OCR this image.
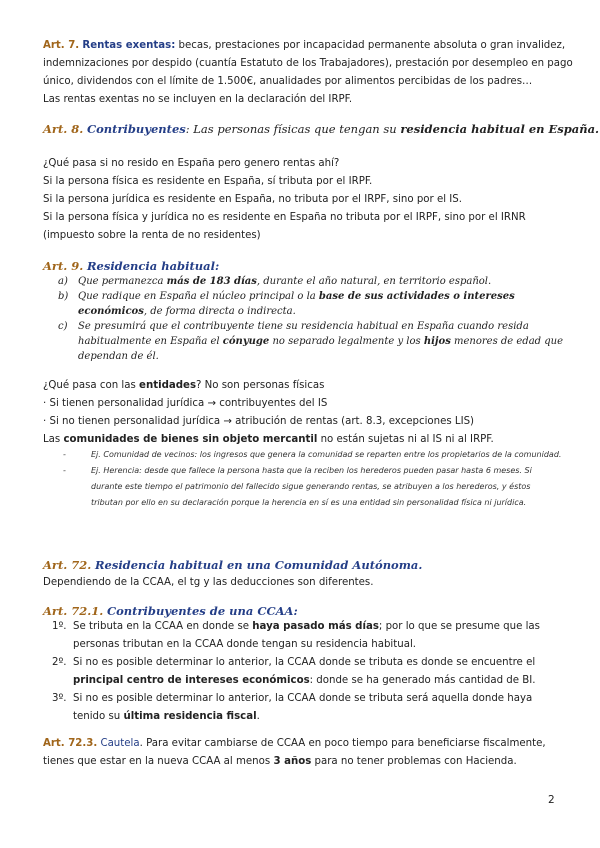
Art. 7. Rentas exentas: becas, prestaciones por incapacidad permanente absoluta o gran invalidez,

indemnizaciones por despido (cuantía Estatuto de los Trabajadores), prestación por desempleo en pago

único, dividendos con el límite de 1.500€, anualidades por alimentos percibidas de los padres…

Las rentas exentas no se incluyen en la declaración del IRPF.

Art. 8. Contribuyentes: Las personas físicas que tengan su residencia habitual en España.

¿Qué pasa si no resido en España pero genero rentas ahí?

Si la persona física es residente en España, sí tributa por el IRPF.

Si la persona jurídica es residente en España, no tributa por el IRPF, sino por el IS.

Si la persona física y jurídica no es residente en España no tributa por el IRPF, sino por el IRNR

(impuesto sobre la renta de no residentes)

Art. 9. Residencia habitual:

a) Que permanezca más de 183 días, durante el año natural, en territorio español.

b) Que radique en España el núcleo principal o la base de sus actividades o intereses económicos, de forma directa o indirecta.

c) Se presumirá que el contribuyente tiene su residencia habitual en España cuando resida habitualmente en España el cónyuge no separado legalmente y los hijos menores de edad que dependan de él.

¿Qué pasa con las entidades? No son personas físicas

· Si tienen personalidad jurídica → contribuyentes del IS

· Si no tienen personalidad jurídica → atribución de rentas (art. 8.3, excepciones LIS)

Las comunidades de bienes sin objeto mercantil no están sujetas ni al IS ni al IRPF.

-	Ej. Comunidad de vecinos: los ingresos que genera la comunidad se reparten entre los propietarios de la comunidad.

-	Ej. Herencia: desde que fallece la persona hasta que la reciben los herederos pueden pasar hasta 6 meses. Si durante este tiempo el patrimonio del fallecido sigue generando rentas, se atribuyen a los herederos, y éstos tributan por ello en su declaración porque la herencia en sí es una entidad sin personalidad física ni jurídica.

Art. 72. Residencia habitual en una Comunidad Autónoma.

Dependiendo de la CCAA, el tg y las deducciones son diferentes.

Art. 72.1. Contribuyentes de una CCAA:

1º. Se tributa en la CCAA en donde se haya pasado más días; por lo que se presume que las personas tributan en la CCAA donde tengan su residencia habitual.

2º. Si no es posible determinar lo anterior, la CCAA donde se tributa es donde se encuentre el principal centro de intereses económicos: donde se ha generado más cantidad de BI.

3º. Si no es posible determinar lo anterior, la CCAA donde se tributa será aquella donde haya tenido su última residencia fiscal.

Art. 72.3. Cautela. Para evitar cambiarse de CCAA en poco tiempo para beneficiarse fiscalmente, tienes que estar en la nueva CCAA al menos 3 años para no tener problemas con Hacienda.

2
